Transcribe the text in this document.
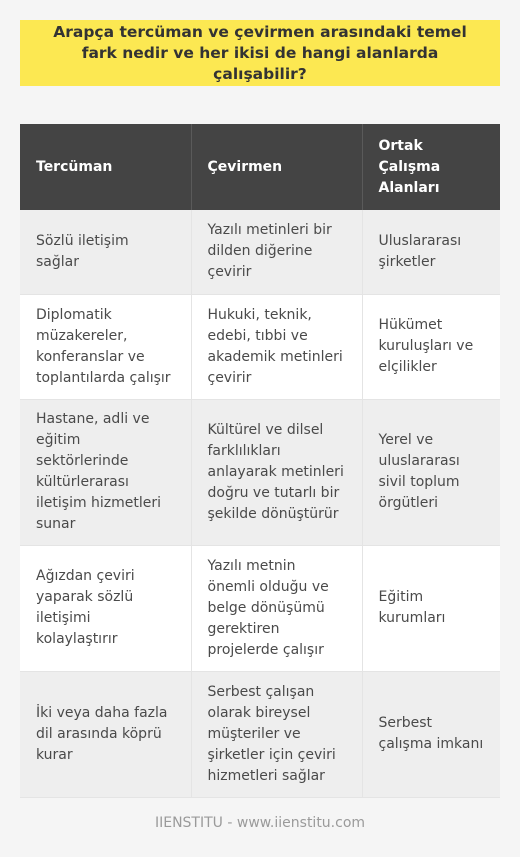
Arapça tercüman ve çevirmen arasındaki temel fark nedir ve her ikisi de hangi alanlarda çalışabilir?
Tercüman	Çevirmen	Ortak Çalışma Alanları
Sözlü iletişim sağlar	Yazılı metinleri bir dilden diğerine çevirir	Uluslararası şirketler
Diplomatik müzakereler, konferanslar ve toplantılarda çalışır	Hukuki, teknik, edebi, tıbbi ve akademik metinleri çevirir	Hükümet kuruluşları ve elçilikler
Hastane, adli ve eğitim sektörlerinde kültürlerarası iletişim hizmetleri sunar	Kültürel ve dilsel farklılıkları anlayarak metinleri doğru ve tutarlı bir şekilde dönüştürür	Yerel ve uluslararası sivil toplum örgütleri
Ağızdan çeviri yaparak sözlü iletişimi kolaylaştırır	Yazılı metnin önemli olduğu ve belge dönüşümü gerektiren projelerde çalışır	Eğitim kurumları
İki veya daha fazla dil arasında köprü kurar	Serbest çalışan olarak bireysel müşteriler ve şirketler için çeviri hizmetleri sağlar	Serbest çalışma imkanı
IIENSTITU - www.iienstitu.com
